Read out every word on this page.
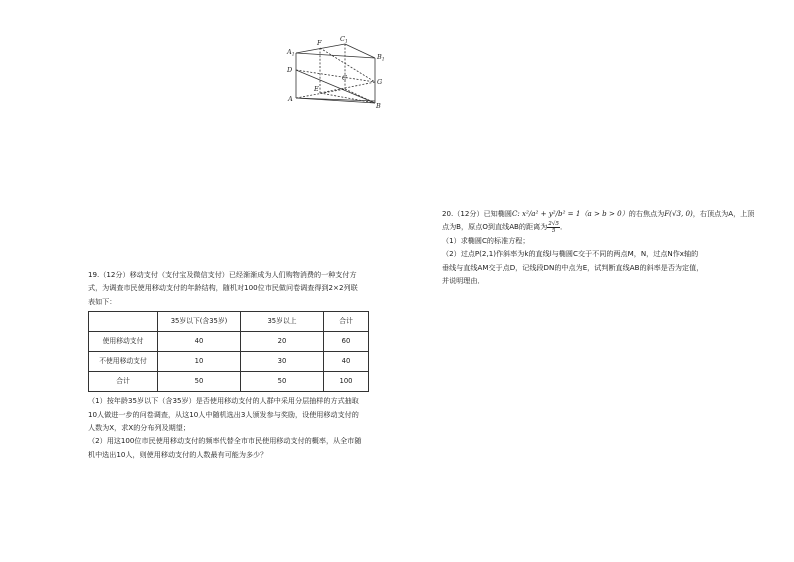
$A_1$
F	$C_1$
$B_1$
D
G
C
E
A
B

19.（12分）移动支付（支付宝及微信支付）已经渐渐成为人们购物消费的一种支付方

式，为调查市民使用移动支付的年龄结构，随机对100位市民做问卷调查得到2×2列联

表如下：

	35岁以下(含35岁)	35岁以上	合计
使用移动支付	40	20	60
不使用移动支付	10	30	40
合计	50	50	100

（1）按年龄35岁以下（含35岁）是否使用移动支付的人群中采用分层抽样的方式抽取

10人做进一步的问卷调查，从这10人中随机选出3人颁发参与奖励，设使用移动支付的

人数为X，求X的分布列及期望；

（2）用这100位市民使用移动支付的频率代替全市市民使用移动支付的概率，从全市随

机中选出10人，则使用移动支付的人数最有可能为多少？

20.（12分）已知椭圆C: x²/a² + y²/b² = 1（a > b > 0）的右焦点为F(√3, 0)，右顶点为A，上顶

点为B，原点O到直线AB的距离为 $\frac{2√5}{5}$ ．

（1）求椭圆C的标准方程；

（2）过点P(2,1)作斜率为k的直线l与椭圆C交于不同的两点M，N，过点N作x轴的

垂线与直线AM交于点D，记线段DN的中点为E，试判断直线AB的斜率是否为定值，

并说明理由．
